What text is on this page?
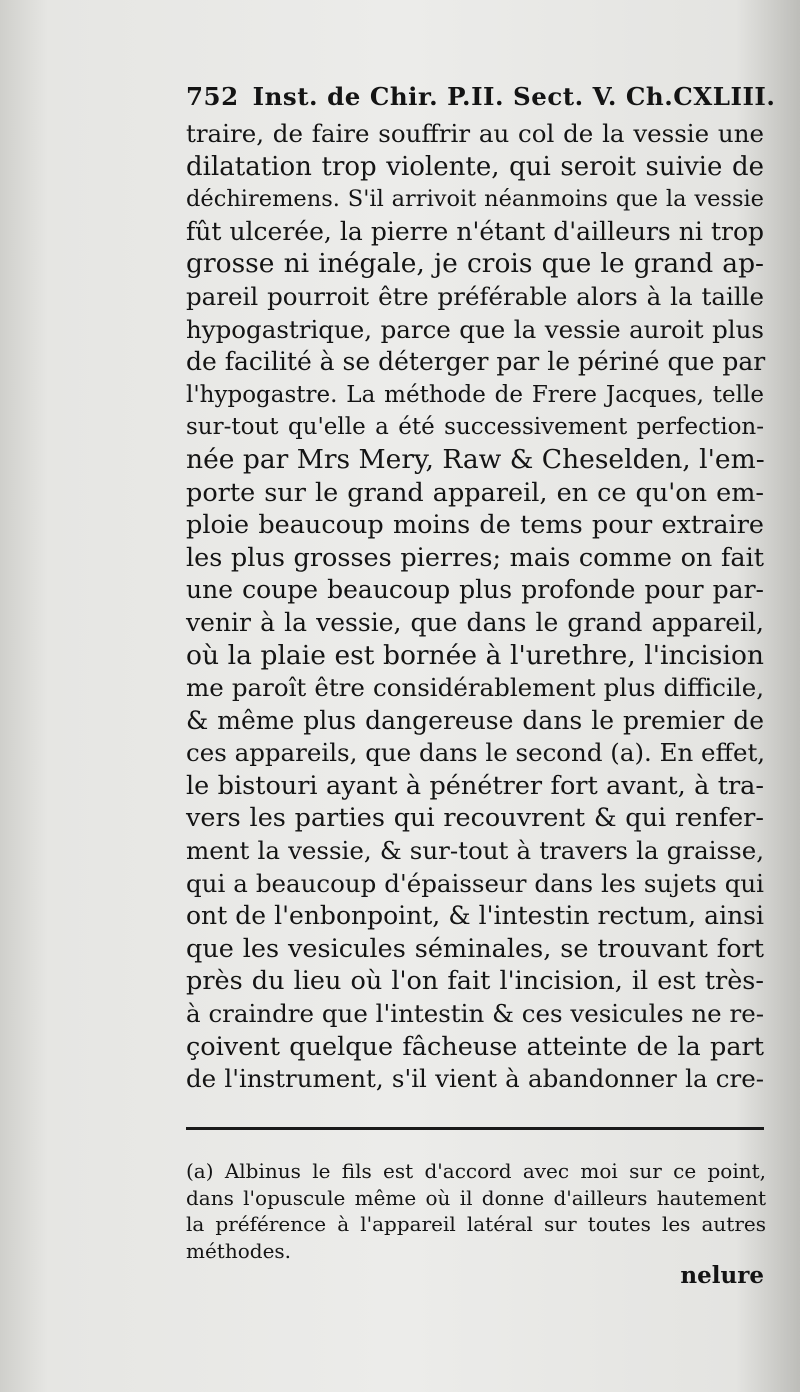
752 Inst. de Chir. P.II. Sect. V. Ch.CXLIII.
traire, de faire souffrir au col de la vessie une
dilatation trop violente, qui seroit suivie de
déchiremens. S'il arrivoit néanmoins que la vessie
fût ulcerée, la pierre n'étant d'ailleurs ni trop
grosse ni inégale, je crois que le grand ap-
pareil pourroit être préférable alors à la taille
hypogastrique, parce que la vessie auroit plus
de facilité à se déterger par le périné que par
l'hypogastre. La méthode de Frere Jacques, telle
sur-tout qu'elle a été successivement perfection-
née par Mrs Mery, Raw & Cheselden, l'em-
porte sur le grand appareil, en ce qu'on em-
ploie beaucoup moins de tems pour extraire
les plus grosses pierres; mais comme on fait
une coupe beaucoup plus profonde pour par-
venir à la vessie, que dans le grand appareil,
où la plaie est bornée à l'urethre, l'incision
me paroît être considérablement plus difficile,
& même plus dangereuse dans le premier de
ces appareils, que dans le second (a). En effet,
le bistouri ayant à pénétrer fort avant, à tra-
vers les parties qui recouvrent & qui renfer-
ment la vessie, & sur-tout à travers la graisse,
qui a beaucoup d'épaisseur dans les sujets qui
ont de l'enbonpoint, & l'intestin rectum, ainsi
que les vesicules séminales, se trouvant fort
près du lieu où l'on fait l'incision, il est très-
à craindre que l'intestin & ces vesicules ne re-
çoivent quelque fâcheuse atteinte de la part
de l'instrument, s'il vient à abandonner la cre-
(a) Albinus le fils est d'accord avec moi sur ce point,
dans l'opuscule même où il donne d'ailleurs hautement
la préférence à l'appareil latéral sur toutes les autres
méthodes.
nelure
